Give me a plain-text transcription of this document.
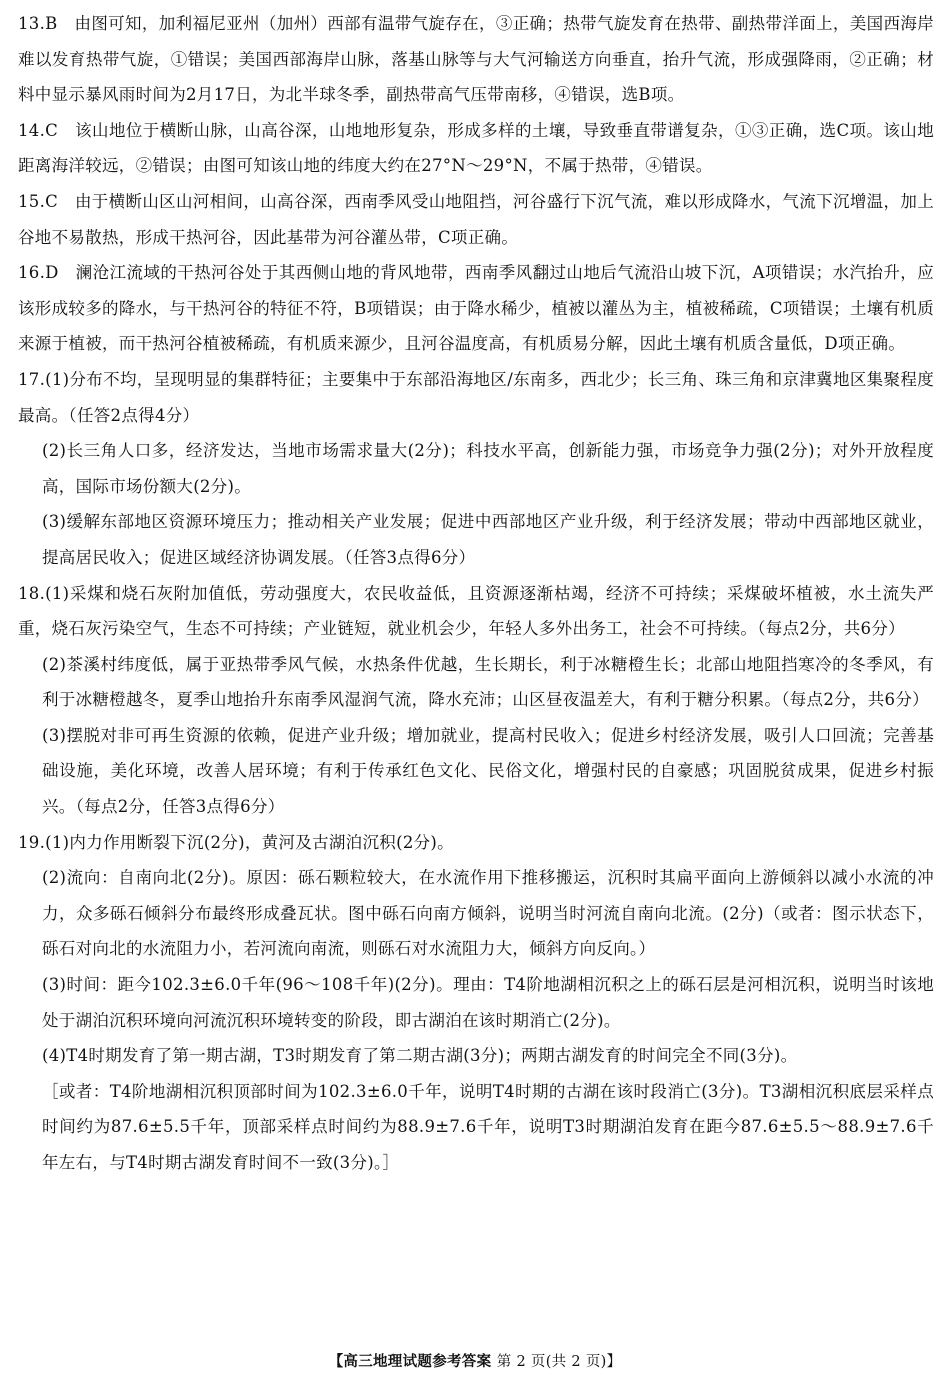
13.B　由图可知，加利福尼亚州（加州）西部有温带气旋存在，③正确；热带气旋发育在热带、副热带洋面上，美国西海岸难以发育热带气旋，①错误；美国西部海岸山脉，落基山脉等与大气河输送方向垂直，抬升气流，形成强降雨，②正确；材料中显示暴风雨时间为2月17日，为北半球冬季，副热带高气压带南移，④错误，选B项。
14.C　该山地位于横断山脉，山高谷深，山地地形复杂，形成多样的土壤，导致垂直带谱复杂，①③正确，选C项。该山地距离海洋较远，②错误；由图可知该山地的纬度大约在27°N～29°N，不属于热带，④错误。
15.C　由于横断山区山河相间，山高谷深，西南季风受山地阻挡，河谷盛行下沉气流，难以形成降水，气流下沉增温，加上谷地不易散热，形成干热河谷，因此基带为河谷灌丛带，C项正确。
16.D　澜沧江流域的干热河谷处于其西侧山地的背风地带，西南季风翻过山地后气流沿山坡下沉，A项错误；水汽抬升，应该形成较多的降水，与干热河谷的特征不符，B项错误；由于降水稀少，植被以灌丛为主，植被稀疏，C项错误；土壤有机质来源于植被，而干热河谷植被稀疏，有机质来源少，且河谷温度高，有机质易分解，因此土壤有机质含量低，D项正确。
17.(1)分布不均，呈现明显的集群特征；主要集中于东部沿海地区/东南多，西北少；长三角、珠三角和京津冀地区集聚程度最高。（任答2点得4分）
(2)长三角人口多，经济发达，当地市场需求量大(2分)；科技水平高，创新能力强，市场竞争力强(2分)；对外开放程度高，国际市场份额大(2分)。
(3)缓解东部地区资源环境压力；推动相关产业发展；促进中西部地区产业升级，利于经济发展；带动中西部地区就业，提高居民收入；促进区域经济协调发展。（任答3点得6分）
18.(1)采煤和烧石灰附加值低，劳动强度大，农民收益低，且资源逐渐枯竭，经济不可持续；采煤破坏植被，水土流失严重，烧石灰污染空气，生态不可持续；产业链短，就业机会少，年轻人多外出务工，社会不可持续。（每点2分，共6分）
(2)茶溪村纬度低，属于亚热带季风气候，水热条件优越，生长期长，利于冰糖橙生长；北部山地阻挡寒冷的冬季风，有利于冰糖橙越冬，夏季山地抬升东南季风湿润气流，降水充沛；山区昼夜温差大，有利于糖分积累。（每点2分，共6分）
(3)摆脱对非可再生资源的依赖，促进产业升级；增加就业，提高村民收入；促进乡村经济发展，吸引人口回流；完善基础设施，美化环境，改善人居环境；有利于传承红色文化、民俗文化，增强村民的自豪感；巩固脱贫成果，促进乡村振兴。（每点2分，任答3点得6分）
19.(1)内力作用断裂下沉(2分)，黄河及古湖泊沉积(2分)。
(2)流向：自南向北(2分)。原因：砾石颗粒较大，在水流作用下推移搬运，沉积时其扁平面向上游倾斜以减小水流的冲力，众多砾石倾斜分布最终形成叠瓦状。图中砾石向南方倾斜，说明当时河流自南向北流。(2分)（或者：图示状态下，砾石对向北的水流阻力小，若河流向南流，则砾石对水流阻力大，倾斜方向反向。）
(3)时间：距今102.3±6.0千年(96～108千年)(2分)。理由：T4阶地湖相沉积之上的砾石层是河相沉积，说明当时该地处于湖泊沉积环境向河流沉积环境转变的阶段，即古湖泊在该时期消亡(2分)。
(4)T4时期发育了第一期古湖，T3时期发育了第二期古湖(3分)；两期古湖发育的时间完全不同(3分)。
［或者：T4阶地湖相沉积顶部时间为102.3±6.0千年，说明T4时期的古湖在该时段消亡(3分)。T3湖相沉积底层采样点时间约为87.6±5.5千年，顶部采样点时间约为88.9±7.6千年，说明T3时期湖泊发育在距今87.6±5.5～88.9±7.6千年左右，与T4时期古湖发育时间不一致(3分)。］
【高三地理试题参考答案 第 2 页(共 2 页)】
